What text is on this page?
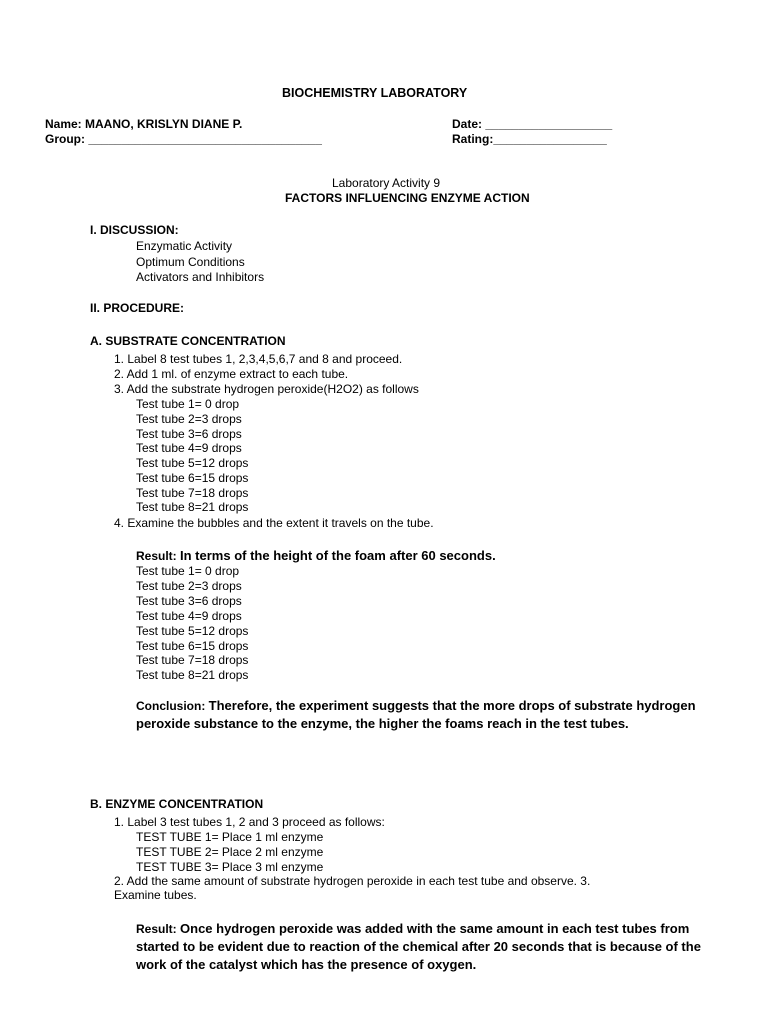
BIOCHEMISTRY LABORATORY
Name: MAANO, KRISLYN DIANE P.
Group: ___________________________________
Date: ___________________
Rating:_________________
Laboratory Activity 9
FACTORS INFLUENCING ENZYME ACTION
I. DISCUSSION:
Enzymatic Activity
Optimum Conditions
Activators and Inhibitors
II. PROCEDURE:
A. SUBSTRATE CONCENTRATION
1. Label 8 test tubes 1, 2,3,4,5,6,7 and 8 and proceed.
2. Add 1 ml. of enzyme extract to each tube.
3. Add the substrate hydrogen peroxide(H2O2) as follows
Test tube 1= 0 drop
Test tube 2=3 drops
Test tube 3=6 drops
Test tube 4=9 drops
Test tube 5=12 drops
Test tube 6=15 drops
Test tube 7=18 drops
Test tube 8=21 drops
4. Examine the bubbles and the extent it travels on the tube.
Result: In terms of the height of the foam after 60 seconds.
Test tube 1= 0 drop
Test tube 2=3 drops
Test tube 3=6 drops
Test tube 4=9 drops
Test tube 5=12 drops
Test tube 6=15 drops
Test tube 7=18 drops
Test tube 8=21 drops
Conclusion: Therefore, the experiment suggests that the more drops of substrate hydrogen peroxide substance to the enzyme, the higher the foams reach in the test tubes.
B. ENZYME CONCENTRATION
1. Label 3 test tubes 1, 2 and 3 proceed as follows:
TEST TUBE 1= Place 1 ml enzyme
TEST TUBE 2= Place 2 ml enzyme
TEST TUBE 3= Place 3 ml enzyme
2. Add the same amount of substrate hydrogen peroxide in each test tube and observe. 3.
Examine tubes.
Result: Once hydrogen peroxide was added with the same amount in each test tubes from started to be evident due to reaction of the chemical after 20 seconds that is because of the work of the catalyst which has the presence of oxygen.
